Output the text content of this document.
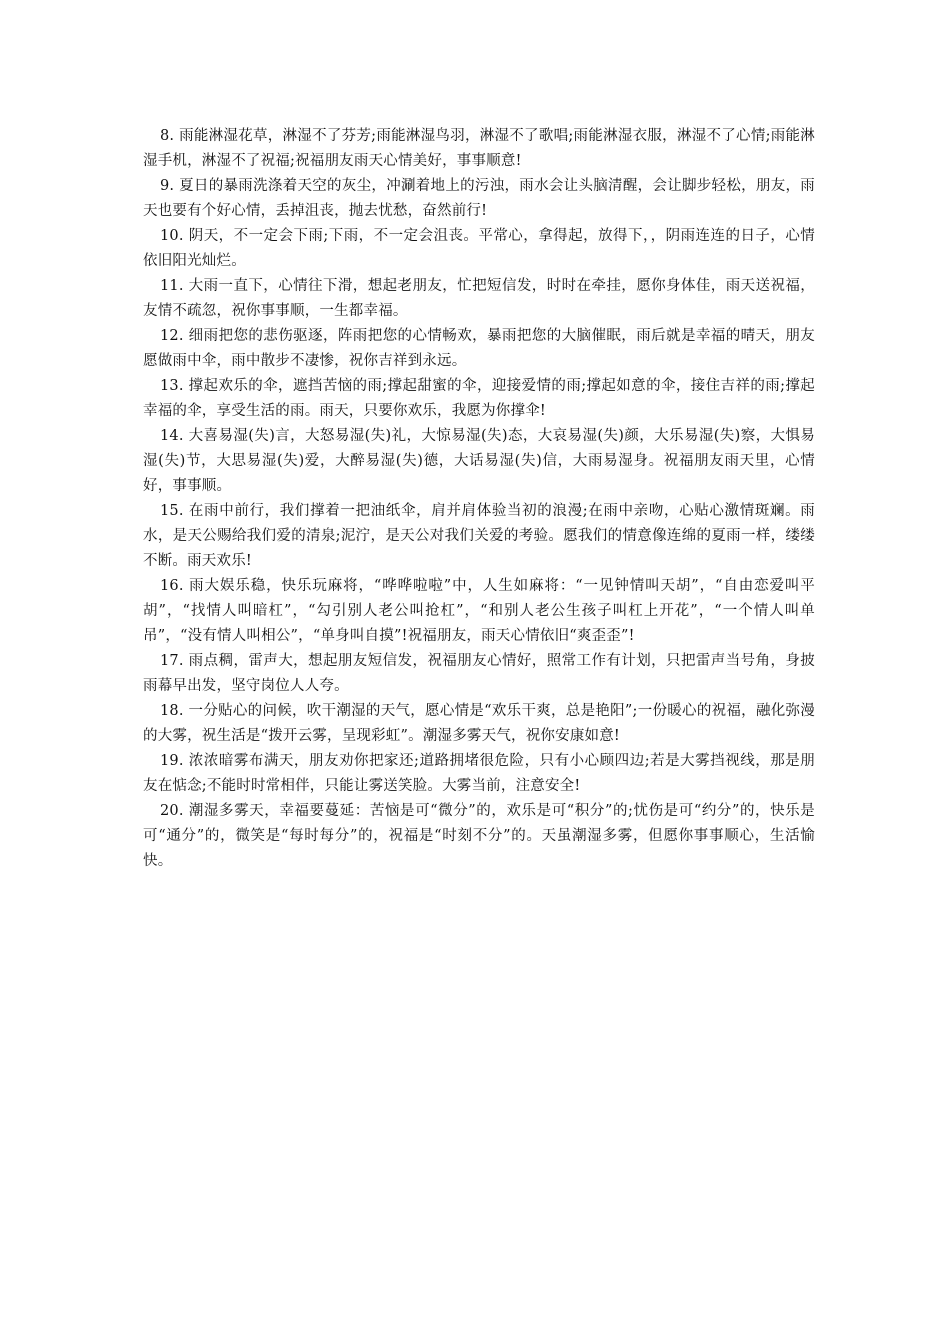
8. 雨能淋湿花草，淋湿不了芬芳;雨能淋湿鸟羽，淋湿不了歌唱;雨能淋湿衣服，淋湿不了心情;雨能淋湿手机，淋湿不了祝福;祝福朋友雨天心情美好，事事顺意!

9. 夏日的暴雨洗涤着天空的灰尘，冲涮着地上的污浊，雨水会让头脑清醒，会让脚步轻松，朋友，雨天也要有个好心情，丢掉沮丧，抛去忧愁，奋然前行!

10. 阴天，不一定会下雨;下雨，不一定会沮丧。平常心，拿得起，放得下，，阴雨连连的日子，心情依旧阳光灿烂。

11. 大雨一直下，心情往下滑，想起老朋友，忙把短信发，时时在牵挂，愿你身体佳，雨天送祝福，友情不疏忽，祝你事事顺，一生都幸福。

12. 细雨把您的悲伤驱逐，阵雨把您的心情畅欢，暴雨把您的大脑催眠，雨后就是幸福的晴天，朋友愿做雨中伞，雨中散步不凄惨，祝你吉祥到永远。

13. 撑起欢乐的伞，遮挡苦恼的雨;撑起甜蜜的伞，迎接爱情的雨;撑起如意的伞，接住吉祥的雨;撑起幸福的伞，享受生活的雨。雨天，只要你欢乐，我愿为你撑伞!

14. 大喜易湿(失)言，大怒易湿(失)礼，大惊易湿(失)态，大哀易湿(失)颜，大乐易湿(失)察，大惧易湿(失)节，大思易湿(失)爱，大醉易湿(失)德，大话易湿(失)信，大雨易湿身。祝福朋友雨天里，心情好，事事顺。

15. 在雨中前行，我们撑着一把油纸伞，肩并肩体验当初的浪漫;在雨中亲吻，心贴心激情斑斓。雨水，是天公赐给我们爱的清泉;泥泞，是天公对我们关爱的考验。愿我们的情意像连绵的夏雨一样，缕缕不断。雨天欢乐!

16. 雨大娱乐稳，快乐玩麻将，“哗哗啦啦”中，人生如麻将：“一见钟情叫天胡”，“自由恋爱叫平胡”，“找情人叫暗杠”，“勾引别人老公叫抢杠”，“和别人老公生孩子叫杠上开花”，“一个情人叫单吊”，“没有情人叫相公”，“单身叫自摸”!祝福朋友，雨天心情依旧“爽歪歪”!

17. 雨点稠，雷声大，想起朋友短信发，祝福朋友心情好，照常工作有计划，只把雷声当号角，身披雨幕早出发，坚守岗位人人夸。

18. 一分贴心的问候，吹干潮湿的天气，愿心情是“欢乐干爽，总是艳阳”;一份暖心的祝福，融化弥漫的大雾，祝生活是“拨开云雾，呈现彩虹”。潮湿多雾天气，祝你安康如意!

19. 浓浓暗雾布满天，朋友劝你把家还;道路拥堵很危险，只有小心顾四边;若是大雾挡视线，那是朋友在惦念;不能时时常相伴，只能让雾送笑脸。大雾当前，注意安全!

20. 潮湿多雾天，幸福要蔓延：苦恼是可“微分”的，欢乐是可“积分”的;忧伤是可“约分”的，快乐是可“通分”的，微笑是“每时每分”的，祝福是“时刻不分”的。天虽潮湿多雾，但愿你事事顺心，生活愉快。
